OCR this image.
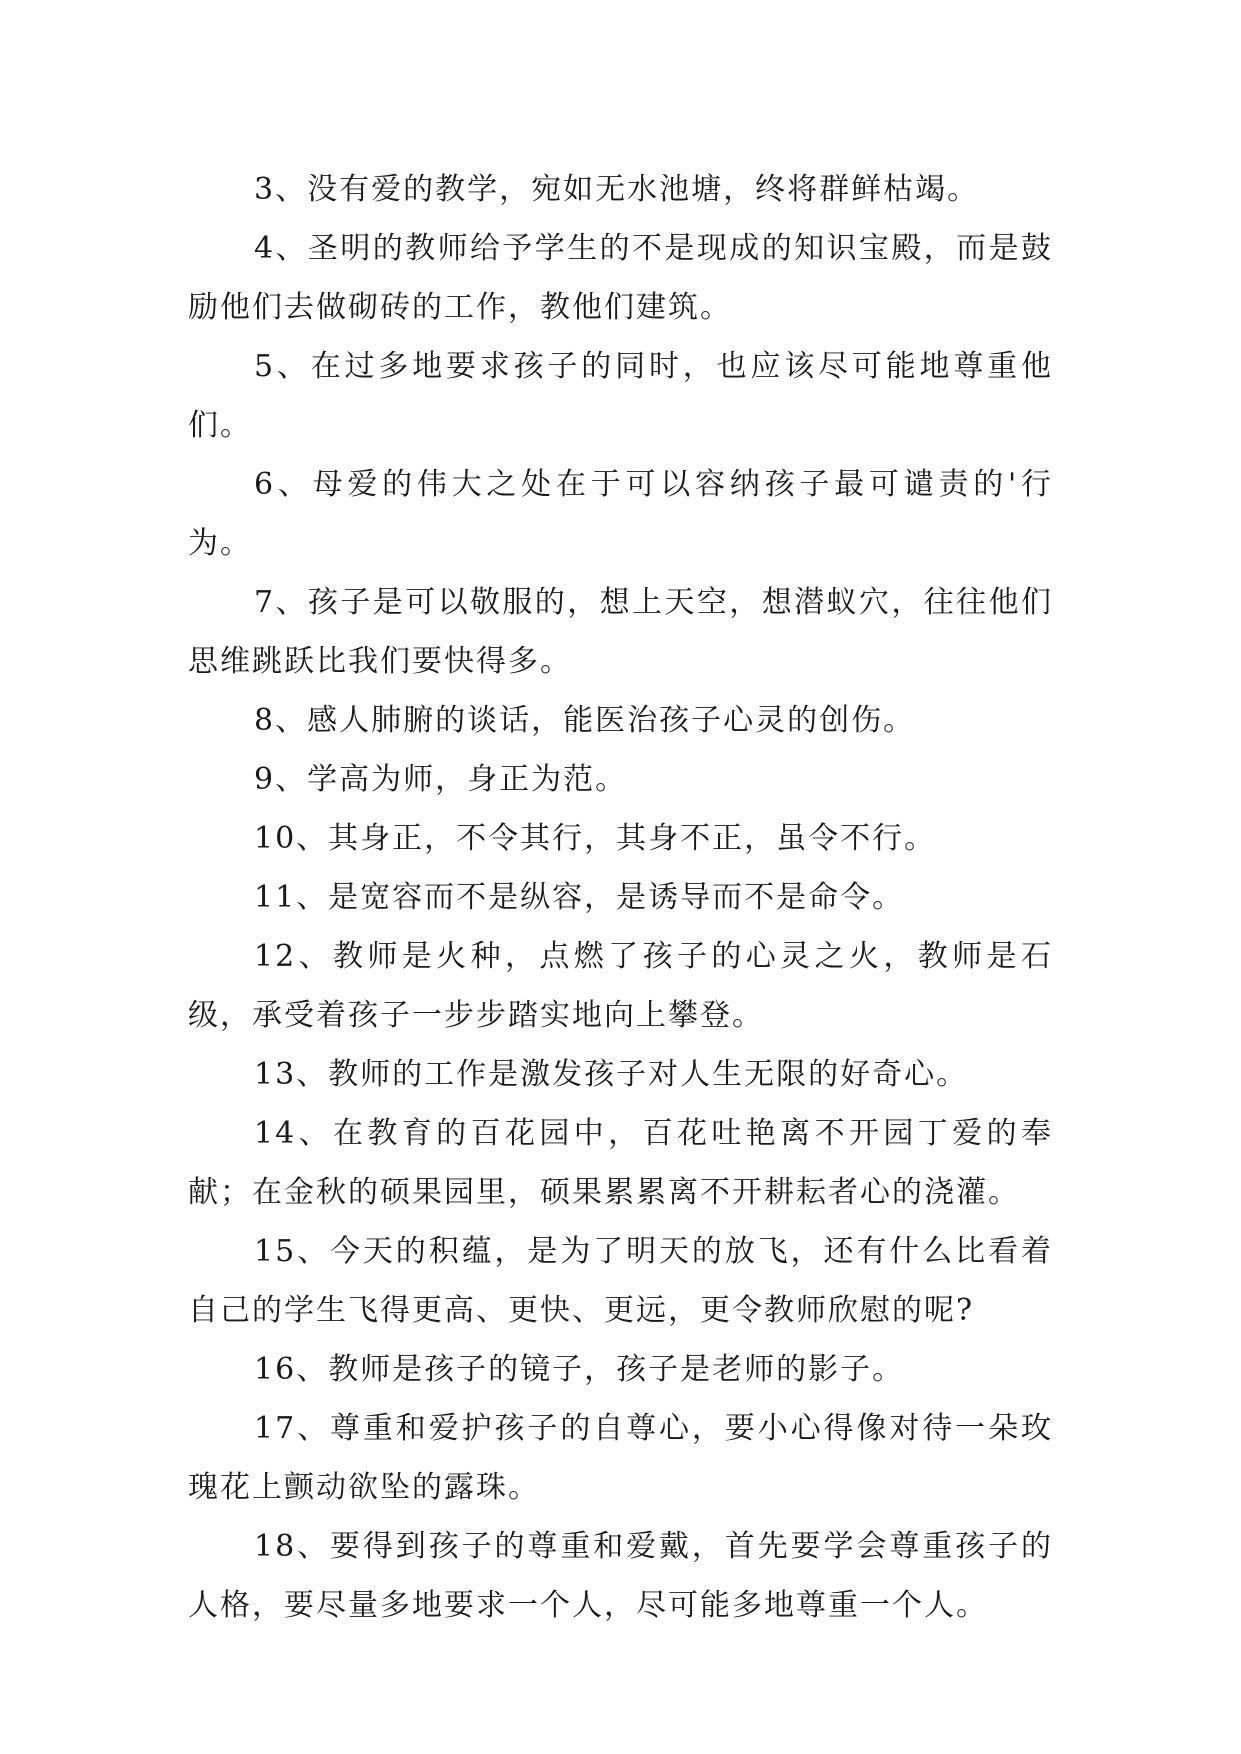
3、没有爱的教学，宛如无水池塘，终将群鲜枯竭。

4、圣明的教师给予学生的不是现成的知识宝殿，而是鼓励他们去做砌砖的工作，教他们建筑。

5、在过多地要求孩子的同时，也应该尽可能地尊重他们。

6、母爱的伟大之处在于可以容纳孩子最可谴责的'行为。

7、孩子是可以敬服的，想上天空，想潜蚁穴，往往他们思维跳跃比我们要快得多。

8、感人肺腑的谈话，能医治孩子心灵的创伤。

9、学高为师，身正为范。

10、其身正，不令其行，其身不正，虽令不行。

11、是宽容而不是纵容，是诱导而不是命令。

12、教师是火种，点燃了孩子的心灵之火，教师是石级，承受着孩子一步步踏实地向上攀登。

13、教师的工作是激发孩子对人生无限的好奇心。

14、在教育的百花园中，百花吐艳离不开园丁爱的奉献；在金秋的硕果园里，硕果累累离不开耕耘者心的浇灌。

15、今天的积蕴，是为了明天的放飞，还有什么比看着自己的学生飞得更高、更快、更远，更令教师欣慰的呢?

16、教师是孩子的镜子，孩子是老师的影子。

17、尊重和爱护孩子的自尊心，要小心得像对待一朵玫瑰花上颤动欲坠的露珠。

18、要得到孩子的尊重和爱戴，首先要学会尊重孩子的人格，要尽量多地要求一个人，尽可能多地尊重一个人。
